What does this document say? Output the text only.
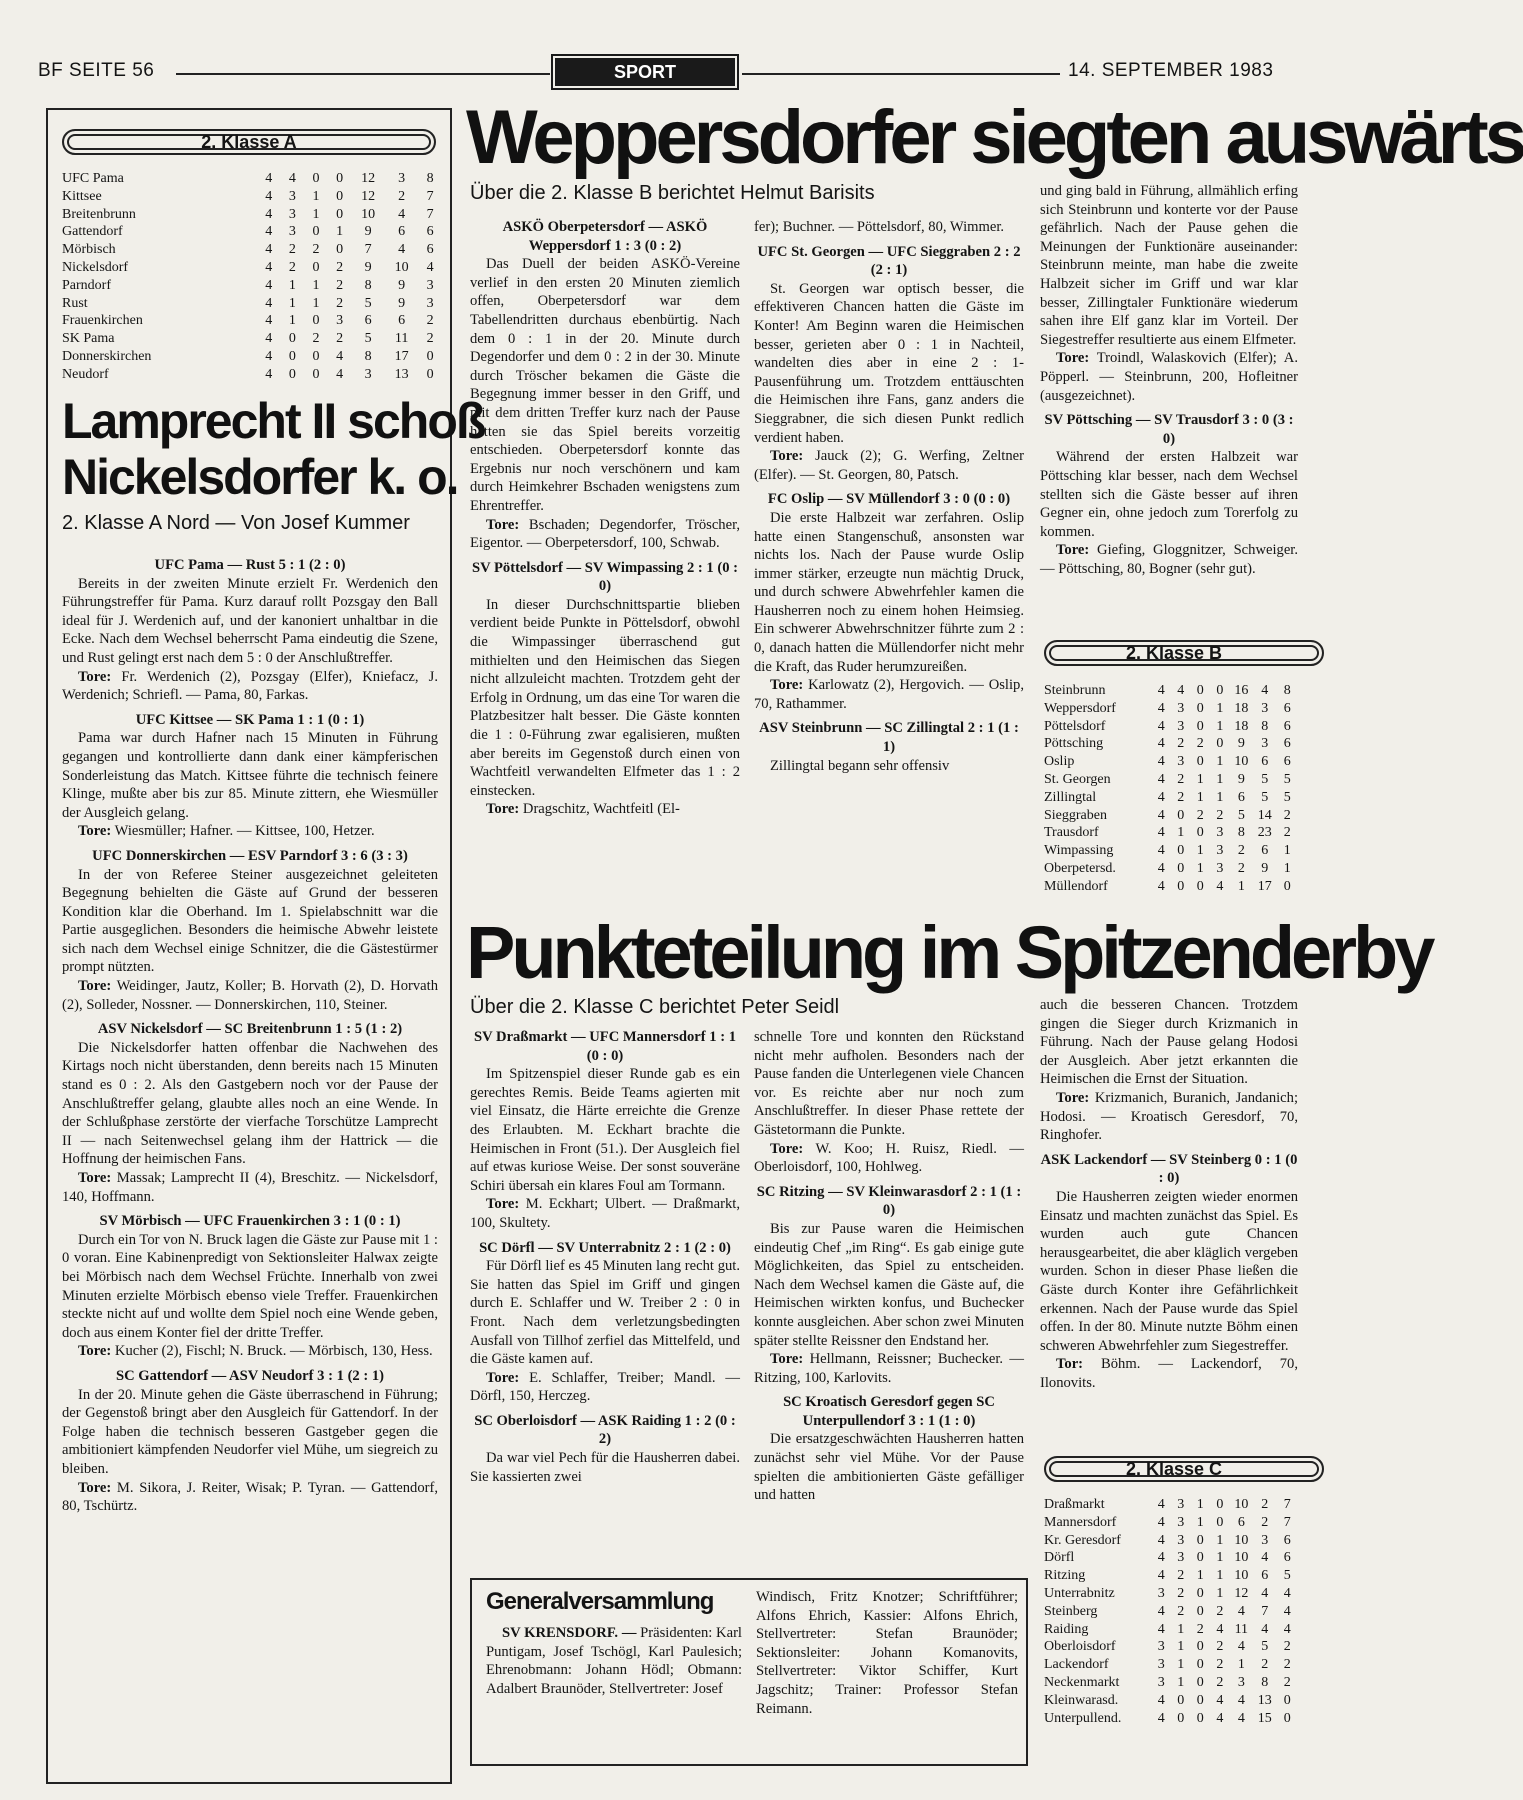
BF SEITE 56	SPORT	14. SEPTEMBER 1983
2. Klasse A
UFC Pama	4	4	0	0	12	3	8
Kittsee	4	3	1	0	12	2	7
Breitenbrunn	4	3	1	0	10	4	7
Gattendorf	4	3	0	1	9	6	6
Mörbisch	4	2	2	0	7	4	6
Nickelsdorf	4	2	0	2	9	10	4
Parndorf	4	1	1	2	8	9	3
Rust	4	1	1	2	5	9	3
Frauenkirchen	4	1	0	3	6	6	2
SK Pama	4	0	2	2	5	11	2
Donnerskirchen	4	0	0	4	8	17	0
Neudorf	4	0	0	4	3	13	0
Lamprecht II schoß
Nickelsdorfer k. o.
2. Klasse A Nord — Von Josef Kummer

UFC Pama — Rust 5 : 1 (2 : 0)

Bereits in der zweiten Minute erzielt Fr. Werdenich den Führungstreffer für Pama. Kurz darauf rollt Pozsgay den Ball ideal für J. Werdenich auf, und der kanoniert unhaltbar in die Ecke. Nach dem Wechsel beherrscht Pama eindeutig die Szene, und Rust gelingt erst nach dem 5 : 0 der Anschlußtreffer.

Tore: Fr. Werdenich (2), Pozsgay (Elfer), Kniefacz, J. Werdenich; Schriefl. — Pama, 80, Farkas.

UFC Kittsee — SK Pama 1 : 1 (0 : 1)

Pama war durch Hafner nach 15 Minuten in Führung gegangen und kontrollierte dann dank einer kämpferischen Sonderleistung das Match. Kittsee führte die technisch feinere Klinge, mußte aber bis zur 85. Minute zittern, ehe Wiesmüller der Ausgleich gelang.

Tore: Wiesmüller; Hafner. — Kittsee, 100, Hetzer.

UFC Donnerskirchen — ESV Parndorf 3 : 6 (3 : 3)

In der von Referee Steiner ausgezeichnet geleiteten Begegnung behielten die Gäste auf Grund der besseren Kondition klar die Oberhand. Im 1. Spielabschnitt war die Partie ausgeglichen. Besonders die heimische Abwehr leistete sich nach dem Wechsel einige Schnitzer, die die Gästestürmer prompt nützten.

Tore: Weidinger, Jautz, Koller; B. Horvath (2), D. Horvath (2), Solleder, Nossner. — Donnerskirchen, 110, Steiner.

ASV Nickelsdorf — SC Breitenbrunn 1 : 5 (1 : 2)

Die Nickelsdorfer hatten offenbar die Nachwehen des Kirtags noch nicht überstanden, denn bereits nach 15 Minuten stand es 0 : 2. Als den Gastgebern noch vor der Pause der Anschlußtreffer gelang, glaubte alles noch an eine Wende. In der Schlußphase zerstörte der vierfache Torschütze Lamprecht II — nach Seitenwechsel gelang ihm der Hattrick — die Hoffnung der heimischen Fans.

Tore: Massak; Lamprecht II (4), Breschitz. — Nickelsdorf, 140, Hoffmann.

SV Mörbisch — UFC Frauenkirchen 3 : 1 (0 : 1)

Durch ein Tor von N. Bruck lagen die Gäste zur Pause mit 1 : 0 voran. Eine Kabinenpredigt von Sektionsleiter Halwax zeigte bei Mörbisch nach dem Wechsel Früchte. Innerhalb von zwei Minuten erzielte Mörbisch ebenso viele Treffer. Frauenkirchen steckte nicht auf und wollte dem Spiel noch eine Wende geben, doch aus einem Konter fiel der dritte Treffer.

Tore: Kucher (2), Fischl; N. Bruck. — Mörbisch, 130, Hess.

SC Gattendorf — ASV Neudorf 3 : 1 (2 : 1)

In der 20. Minute gehen die Gäste überraschend in Führung; der Gegenstoß bringt aber den Ausgleich für Gattendorf. In der Folge haben die technisch besseren Gastgeber gegen die ambitioniert kämpfenden Neudorfer viel Mühe, um siegreich zu bleiben.

Tore: M. Sikora, J. Reiter, Wisak; P. Tyran. — Gattendorf, 80, Tschürtz.

Weppersdorfer siegten auswärts
Über die 2. Klasse B berichtet Helmut Barisits

ASKÖ Oberpetersdorf — ASKÖ Weppersdorf 1 : 3 (0 : 2)

Das Duell der beiden ASKÖ-Vereine verlief in den ersten 20 Minuten ziemlich offen, Oberpetersdorf war dem Tabellendritten durchaus ebenbürtig. Nach dem 0 : 1 in der 20. Minute durch Degendorfer und dem 0 : 2 in der 30. Minute durch Tröscher bekamen die Gäste die Begegnung immer besser in den Griff, und mit dem dritten Treffer kurz nach der Pause hatten sie das Spiel bereits vorzeitig entschieden. Oberpetersdorf konnte das Ergebnis nur noch verschönern und kam durch Heimkehrer Bschaden wenigstens zum Ehrentreffer.

Tore: Bschaden; Degendorfer, Tröscher, Eigentor. — Oberpetersdorf, 100, Schwab.

SV Pöttelsdorf — SV Wimpassing 2 : 1 (0 : 0)

In dieser Durchschnittspartie blieben verdient beide Punkte in Pöttelsdorf, obwohl die Wimpassinger überraschend gut mithielten und den Heimischen das Siegen nicht allzuleicht machten. Trotzdem geht der Erfolg in Ordnung, um das eine Tor waren die Platzbesitzer halt besser. Die Gäste konnten die 1 : 0-Führung zwar egalisieren, mußten aber bereits im Gegenstoß durch einen von Wachtfeitl verwandelten Elfmeter das 1 : 2 einstecken.

Tore: Dragschitz, Wachtfeitl (El-

fer); Buchner. — Pöttelsdorf, 80, Wimmer.

UFC St. Georgen — UFC Sieggraben 2 : 2 (2 : 1)

St. Georgen war optisch besser, die effektiveren Chancen hatten die Gäste im Konter! Am Beginn waren die Heimischen besser, gerieten aber 0 : 1 in Nachteil, wandelten dies aber in eine 2 : 1-Pausenführung um. Trotzdem enttäuschten die Heimischen ihre Fans, ganz anders die Sieggrabner, die sich diesen Punkt redlich verdient haben.

Tore: Jauck (2); G. Werfing, Zeltner (Elfer). — St. Georgen, 80, Patsch.

FC Oslip — SV Müllendorf 3 : 0 (0 : 0)

Die erste Halbzeit war zerfahren. Oslip hatte einen Stangenschuß, ansonsten war nichts los. Nach der Pause wurde Oslip immer stärker, erzeugte nun mächtig Druck, und durch schwere Abwehrfehler kamen die Hausherren noch zu einem hohen Heimsieg. Ein schwerer Abwehrschnitzer führte zum 2 : 0, danach hatten die Müllendorfer nicht mehr die Kraft, das Ruder herumzureißen.

Tore: Karlowatz (2), Hergovich. — Oslip, 70, Rathammer.

ASV Steinbrunn — SC Zillingtal 2 : 1 (1 : 1)

Zillingtal begann sehr offensiv

und ging bald in Führung, allmählich erfing sich Steinbrunn und konterte vor der Pause gefährlich. Nach der Pause gehen die Meinungen der Funktionäre auseinander: Steinbrunn meinte, man habe die zweite Halbzeit sicher im Griff und war klar besser, Zillingtaler Funktionäre wiederum sahen ihre Elf ganz klar im Vorteil. Der Siegestreffer resultierte aus einem Elfmeter.

Tore: Troindl, Walaskovich (Elfer); A. Pöpperl. — Steinbrunn, 200, Hofleitner (ausgezeichnet).

SV Pöttsching — SV Trausdorf 3 : 0 (3 : 0)

Während der ersten Halbzeit war Pöttsching klar besser, nach dem Wechsel stellten sich die Gäste besser auf ihren Gegner ein, ohne jedoch zum Torerfolg zu kommen.

Tore: Giefing, Gloggnitzer, Schweiger. — Pöttsching, 80, Bogner (sehr gut).

2. Klasse B
Steinbrunn	4 4 0 0 16 4	8
Weppersdorf	4 3 0 1 18 3	6
Pöttelsdorf	4 3 0 1 18 8	6
Pöttsching	4 2 2 0	9	3	6
Oslip	4 3 0 1 10 6	6
St. Georgen	4 2 1 1	9	5	5
Zillingtal	4 2 1 1	6	5	5
Sieggraben	4 0 2 2	5 14 2
Trausdorf	4 1 0 3	8 23 2
Wimpassing	4 0 1 3	2	6	1
Oberpetersd.	4 0 1 3	2	9	1
Müllendorf	4 0 0 4	1 17 0
Punkteteilung im Spitzenderby
Über die 2. Klasse C berichtet Peter Seidl

SV Draßmarkt — UFC Mannersdorf 1 : 1 (0 : 0)

Im Spitzenspiel dieser Runde gab es ein gerechtes Remis. Beide Teams agierten mit viel Einsatz, die Härte erreichte die Grenze des Erlaubten. M. Eckhart brachte die Heimischen in Front (51.). Der Ausgleich fiel auf etwas kuriose Weise. Der sonst souveräne Schiri übersah ein klares Foul am Tormann.

Tore: M. Eckhart; Ulbert. — Draßmarkt, 100, Skultety.

SC Dörfl — SV Unterrabnitz 2 : 1 (2 : 0)

Für Dörfl lief es 45 Minuten lang recht gut. Sie hatten das Spiel im Griff und gingen durch E. Schlaffer und W. Treiber 2 : 0 in Front. Nach dem verletzungsbedingten Ausfall von Tillhof zerfiel das Mittelfeld, und die Gäste kamen auf.

Tore: E. Schlaffer, Treiber; Mandl. — Dörfl, 150, Herczeg.

SC Oberloisdorf — ASK Raiding 1 : 2 (0 : 2)

Da war viel Pech für die Hausherren dabei. Sie kassierten zwei

schnelle Tore und konnten den Rückstand nicht mehr aufholen. Besonders nach der Pause fanden die Unterlegenen viele Chancen vor. Es reichte aber nur noch zum Anschlußtreffer. In dieser Phase rettete der Gästetormann die Punkte.

Tore: W. Koo; H. Ruisz, Riedl. — Oberloisdorf, 100, Hohlweg.

SC Ritzing — SV Kleinwarasdorf 2 : 1 (1 : 0)

Bis zur Pause waren die Heimischen eindeutig Chef „im Ring“. Es gab einige gute Möglichkeiten, das Spiel zu entscheiden. Nach dem Wechsel kamen die Gäste auf, die Heimischen wirkten konfus, und Buchecker konnte ausgleichen. Aber schon zwei Minuten später stellte Reissner den Endstand her.

Tore: Hellmann, Reissner; Buchecker. — Ritzing, 100, Karlovits.

SC Kroatisch Geresdorf gegen SC Unterpullendorf 3 : 1 (1 : 0)

Die ersatzgeschwächten Hausherren hatten zunächst sehr viel Mühe. Vor der Pause spielten die ambitionierten Gäste gefälliger und hatten

auch die besseren Chancen. Trotzdem gingen die Sieger durch Krizmanich in Führung. Nach der Pause gelang Hodosi der Ausgleich. Aber jetzt erkannten die Heimischen die Ernst der Situation.

Tore: Krizmanich, Buranich, Jandanich; Hodosi. — Kroatisch Geresdorf, 70, Ringhofer.

ASK Lackendorf — SV Steinberg 0 : 1 (0 : 0)

Die Hausherren zeigten wieder enormen Einsatz und machten zunächst das Spiel. Es wurden auch gute Chancen herausgearbeitet, die aber kläglich vergeben wurden. Schon in dieser Phase ließen die Gäste durch Konter ihre Gefährlichkeit erkennen. Nach der Pause wurde das Spiel offen. In der 80. Minute nutzte Böhm einen schweren Abwehrfehler zum Siegestreffer.

Tor: Böhm. — Lackendorf, 70, Ilonovits.

2. Klasse C
Draßmarkt	4 3 1 0 10 2	7
Mannersdorf	4 3 1 0	6	2	7
Kr. Geresdorf	4 3 0 1 10 3	6
Dörfl	4 3 0 1 10 4	6
Ritzing	4 2 1 1 10 6	5
Unterrabnitz	3 2 0 1 12 4	4
Steinberg	4 2 0 2	4	7	4
Raiding	4 1 2 4 11 4	4
Oberloisdorf	3 1 0 2	4	5	2
Lackendorf	3 1 0 2	1	2	2
Neckenmarkt	3 1 0 2	3	8	2
Kleinwarasd.	4 0 0 4	4 13 0
Unterpullend.	4 0 0 4	4 15 0
Generalversammlung

SV KRENSDORF. — Präsidenten: Karl Puntigam, Josef Tschögl, Karl Paulesich; Ehrenobmann: Johann Hödl; Obmann: Adalbert Braunöder, Stellvertreter: Josef

Windisch, Fritz Knotzer; Schriftführer; Alfons Ehrich, Kassier: Alfons Ehrich, Stellvertreter: Stefan Braunöder; Sektionsleiter: Johann Komanovits, Stellvertreter: Viktor Schiffer, Kurt Jagschitz; Trainer: Professor Stefan Reimann.
